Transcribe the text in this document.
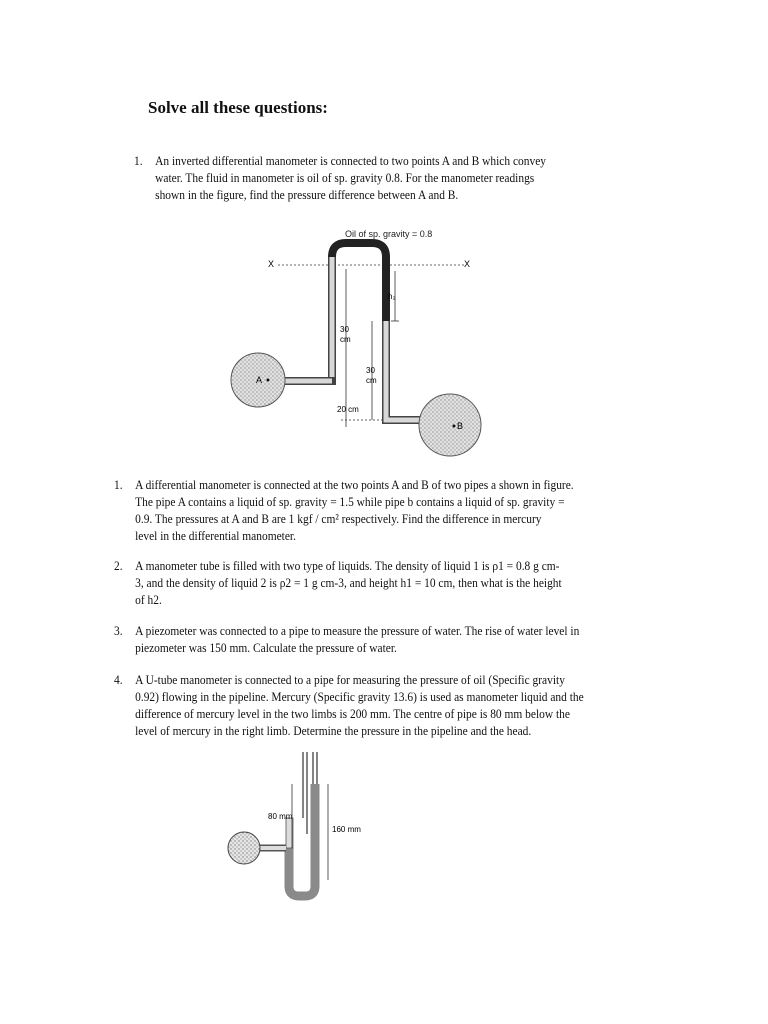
Solve all these questions:
1. An inverted differential manometer is connected to two points A and B which convey
water. The fluid in manometer is oil of sp. gravity 0.8. For the manometer readings
shown in the figure, find the pressure difference between A and B.
Oil of sp. gravity = 0.8
X	X
A
B
h₂
30
cm
30
cm
20 cm
1. A differential manometer is connected at the two points A and B of two pipes a shown in figure.
The pipe A contains a liquid of sp. gravity = 1.5 while pipe b contains a liquid of sp. gravity =
0.9. The pressures at A and B are 1 kgf / cm² respectively. Find the difference in mercury
level in the differential manometer.
2. A manometer tube is filled with two type of liquids. The density of liquid 1 is ρ1 = 0.8 g cm-
3, and the density of liquid 2 is ρ2 = 1 g cm-3, and height h1 = 10 cm, then what is the height
of h2.
3. A piezometer was connected to a pipe to measure the pressure of water. The rise of water level in
piezometer was 150 mm. Calculate the pressure of water.
4. A U-tube manometer is connected to a pipe for measuring the pressure of oil (Specific gravity
0.92) flowing in the pipeline. Mercury (Specific gravity 13.6) is used as manometer liquid and the
difference of mercury level in the two limbs is 200 mm. The centre of pipe is 80 mm below the
level of mercury in the right limb. Determine the pressure in the pipeline and the head.
80 mm
160 mm
